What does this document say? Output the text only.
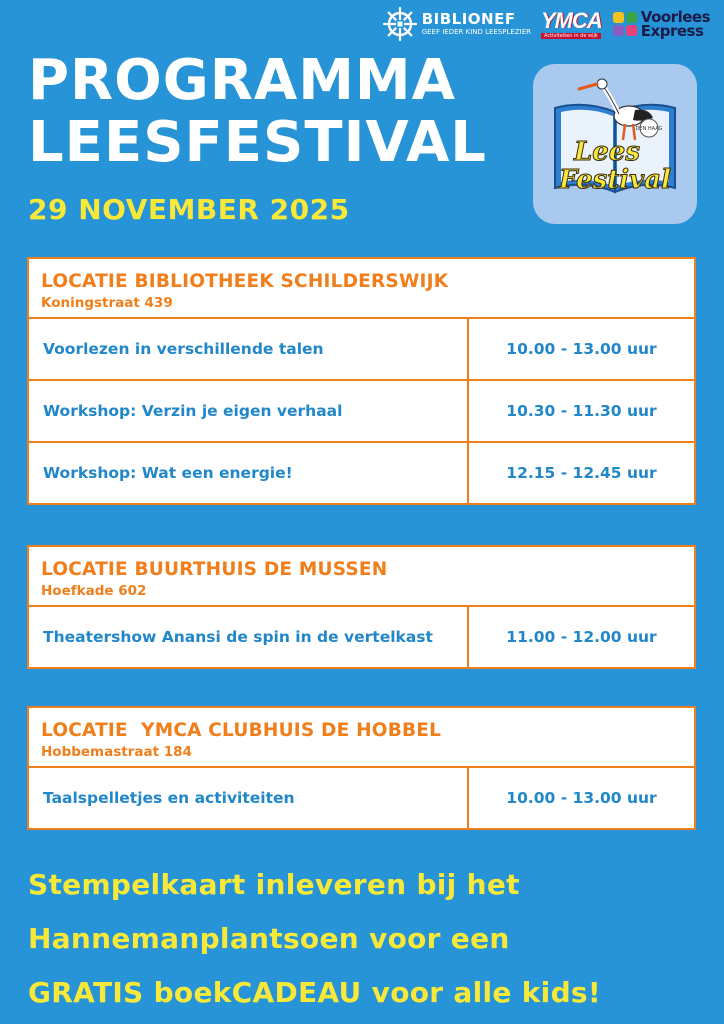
BIBLIONEF
GEEF IEDER KIND LEESPLEZIER YMCA
Activiteiten in de wijk
Voorlees
Express
PROGRAMMA
LEESFESTIVAL
29 NOVEMBER 2025
DEN HAAG
Lees
Festival
LOCATIE BIBLIOTHEEK SCHILDERSWIJK
Koningstraat 439
Voorlezen in verschillende talen	10.00 - 13.00 uur
Workshop: Verzin je eigen verhaal	10.30 - 11.30 uur
Workshop: Wat een energie!	12.15 - 12.45 uur
LOCATIE BUURTHUIS DE MUSSEN
Hoefkade 602
Theatershow Anansi de spin in de vertelkast	11.00 - 12.00 uur
LOCATIE  YMCA CLUBHUIS DE HOBBEL
Hobbemastraat 184
Taalspelletjes en activiteiten	10.00 - 13.00 uur
Stempelkaart inleveren bij het
Hannemanplantsoen voor een
GRATIS boekCADEAU voor alle kids!
